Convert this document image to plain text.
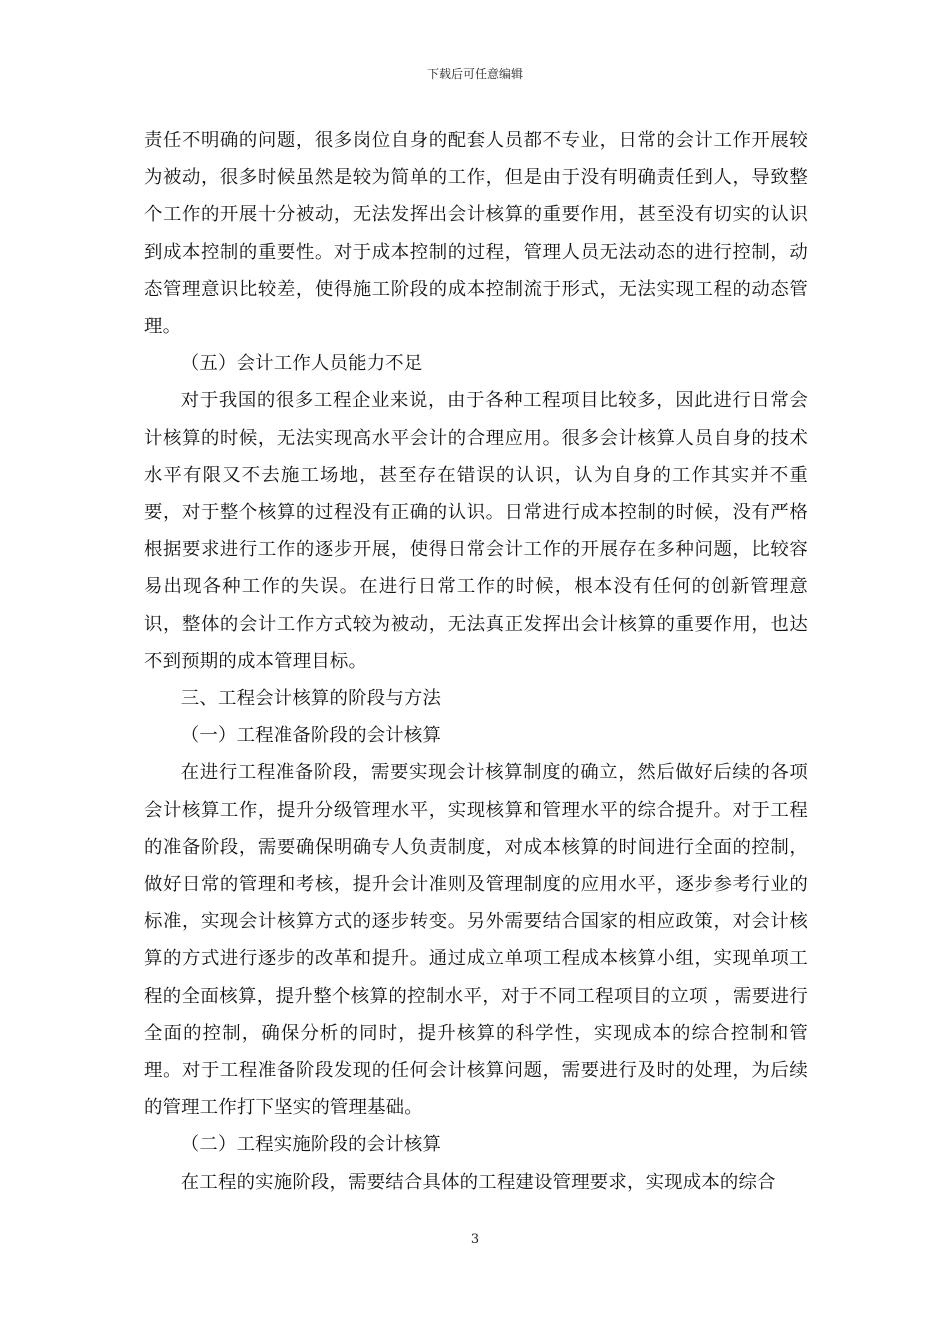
下载后可任意编辑

责任不明确的问题，很多岗位自身的配套人员都不专业，日常的会计工作开展较为被动，很多时候虽然是较为简单的工作，但是由于没有明确责任到人，导致整个工作的开展十分被动，无法发挥出会计核算的重要作用，甚至没有切实的认识到成本控制的重要性。对于成本控制的过程，管理人员无法动态的进行控制，动态管理意识比较差，使得施工阶段的成本控制流于形式，无法实现工程的动态管理。

（五）会计工作人员能力不足

对于我国的很多工程企业来说，由于各种工程项目比较多，因此进行日常会计核算的时候，无法实现高水平会计的合理应用。很多会计核算人员自身的技术水平有限又不去施工场地，甚至存在错误的认识，认为自身的工作其实并不重要，对于整个核算的过程没有正确的认识。日常进行成本控制的时候，没有严格根据要求进行工作的逐步开展，使得日常会计工作的开展存在多种问题，比较容易出现各种工作的失误。在进行日常工作的时候，根本没有任何的创新管理意识，整体的会计工作方式较为被动，无法真正发挥出会计核算的重要作用，也达不到预期的成本管理目标。

三、工程会计核算的阶段与方法

（一）工程准备阶段的会计核算

在进行工程准备阶段，需要实现会计核算制度的确立，然后做好后续的各项会计核算工作，提升分级管理水平，实现核算和管理水平的综合提升。对于工程的准备阶段，需要确保明确专人负责制度，对成本核算的时间进行全面的控制，做好日常的管理和考核，提升会计准则及管理制度的应用水平，逐步参考行业的标准，实现会计核算方式的逐步转变。另外需要结合国家的相应政策，对会计核算的方式进行逐步的改革和提升。通过成立单项工程成本核算小组，实现单项工程的全面核算，提升整个核算的控制水平，对于不同工程项目的立项 ，需要进行全面的控制，确保分析的同时，提升核算的科学性，实现成本的综合控制和管理。对于工程准备阶段发现的任何会计核算问题，需要进行及时的处理，为后续的管理工作打下坚实的管理基础。

（二）工程实施阶段的会计核算

在工程的实施阶段，需要结合具体的工程建设管理要求，实现成本的综合

3
